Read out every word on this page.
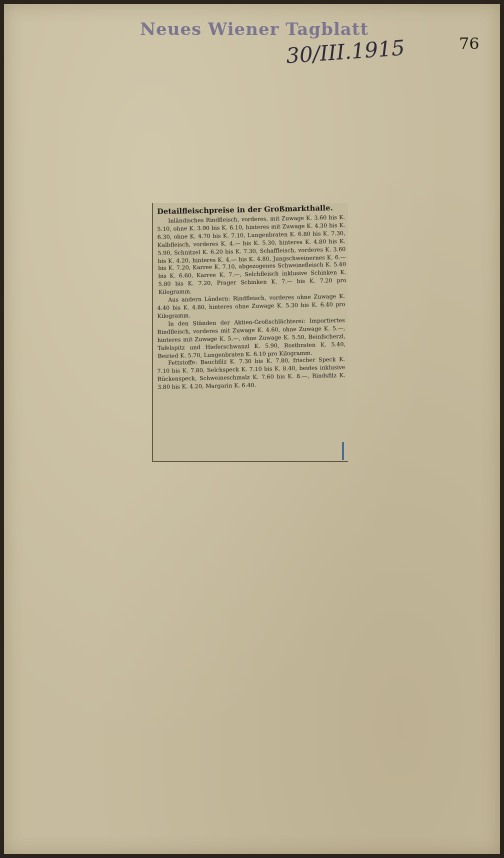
Neues Wiener Tagblatt
30/III.1915	76
Detailfleischpreise in der Großmarkthalle.

Inländisches Rindfleisch, vorderes, mit Zuwage K. 3.60 bis K. 5.10, ohne K. 3.90 bis K. 6.10, hinteres mit Zuwage K. 4.30 bis K. 6.30, ohne K. 4.70 bis K. 7.10, Lungenbraten K. 6.80 bis K. 7.30, Kalbfleisch, vorderes K. 4.— bis K. 5.30, hinteres K. 4.80 bis K. 5.90, Schnitzel K. 6.20 bis K. 7.30, Schaffleisch, vorderes K. 3.60 bis K. 4.20, hinteres K. 4.— bis K. 4.80, Jungschweinernes K. 6.— bis K. 7.20, Karree K. 7.10, abgezogenes Schweinefleisch K. 5.40 bis K. 6.60, Karree K. 7.—, Selchfleisch inklusive Schinken K. 5.80 bis K. 7.20, Prager Schinken K. 7.— bis K. 7.20 pro Kilogramm.

Aus andern Ländern: Rindfleisch, vorderes ohne Zuwage K. 4.40 bis K. 4.80, hinteres ohne Zuwage K. 5.30 bis K. 6.40 pro Kilogramm.

In den Ständen der Aktien-Großschlächterei: Importiertes Rindfleisch, vorderes mit Zuwage K. 4.60, ohne Zuwage K. 5.—, hinteres mit Zuwage K. 5.—, ohne Zuwage K. 5.50, Beinfscherzl, Tafelspitz und Hieferschwanzl K. 5.90, Rostbraten K. 5.40, Beiried K. 5.70, Lungenbraten K. 6.10 pro Kilogramm.

Fettstoffe: Bauchfilz K. 7.30 bis K. 7.80, frischer Speck K. 7.10 bis K. 7.80, Selchspeck K. 7.10 bis K. 8.40, beides inklusive Rückenspeck, Schweineschmalz K. 7.60 bis K. 8.—, Rindsfilz K. 3.80 bis K. 4.20, Margarin K. 6.40.
